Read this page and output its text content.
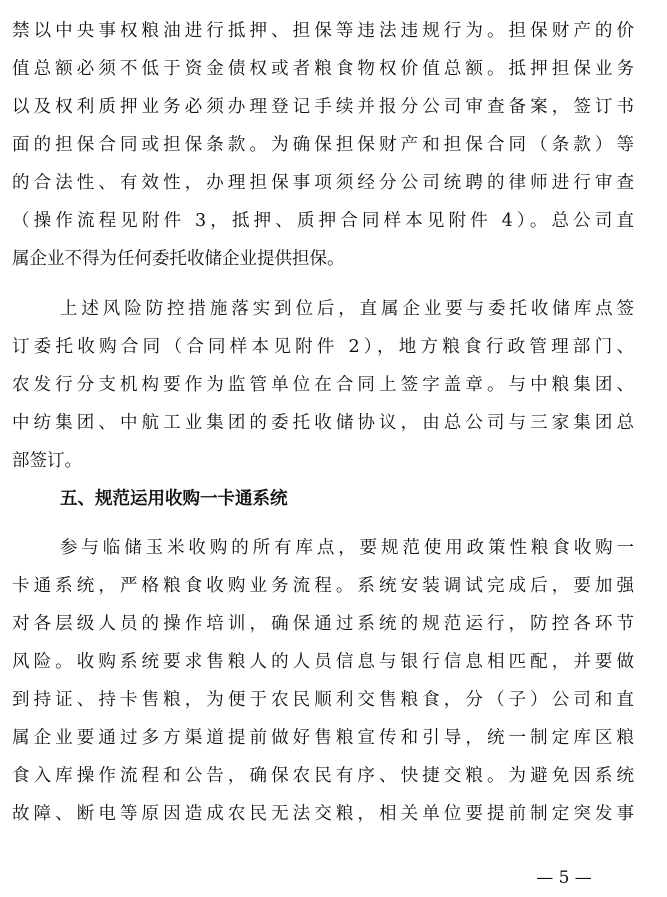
禁以中央事权粮油进行抵押、担保等违法违规行为。担保财产的价
值总额必须不低于资金债权或者粮食物权价值总额。抵押担保业务
以及权利质押业务必须办理登记手续并报分公司审查备案，签订书
面的担保合同或担保条款。为确保担保财产和担保合同（条款）等
的合法性、有效性，办理担保事项须经分公司统聘的律师进行审查
（操作流程见附件 3，抵押、质押合同样本见附件 4）。总公司直
属企业不得为任何委托收储企业提供担保。
上述风险防控措施落实到位后，直属企业要与委托收储库点签
订委托收购合同（合同样本见附件 2），地方粮食行政管理部门、
农发行分支机构要作为监管单位在合同上签字盖章。与中粮集团、
中纺集团、中航工业集团的委托收储协议，由总公司与三家集团总
部签订。
五、规范运用收购一卡通系统
参与临储玉米收购的所有库点，要规范使用政策性粮食收购一
卡通系统，严格粮食收购业务流程。系统安装调试完成后，要加强
对各层级人员的操作培训，确保通过系统的规范运行，防控各环节
风险。收购系统要求售粮人的人员信息与银行信息相匹配，并要做
到持证、持卡售粮，为便于农民顺利交售粮食，分（子）公司和直
属企业要通过多方渠道提前做好售粮宣传和引导，统一制定库区粮
食入库操作流程和公告，确保农民有序、快捷交粮。为避免因系统
故障、断电等原因造成农民无法交粮，相关单位要提前制定突发事
— 5 —
